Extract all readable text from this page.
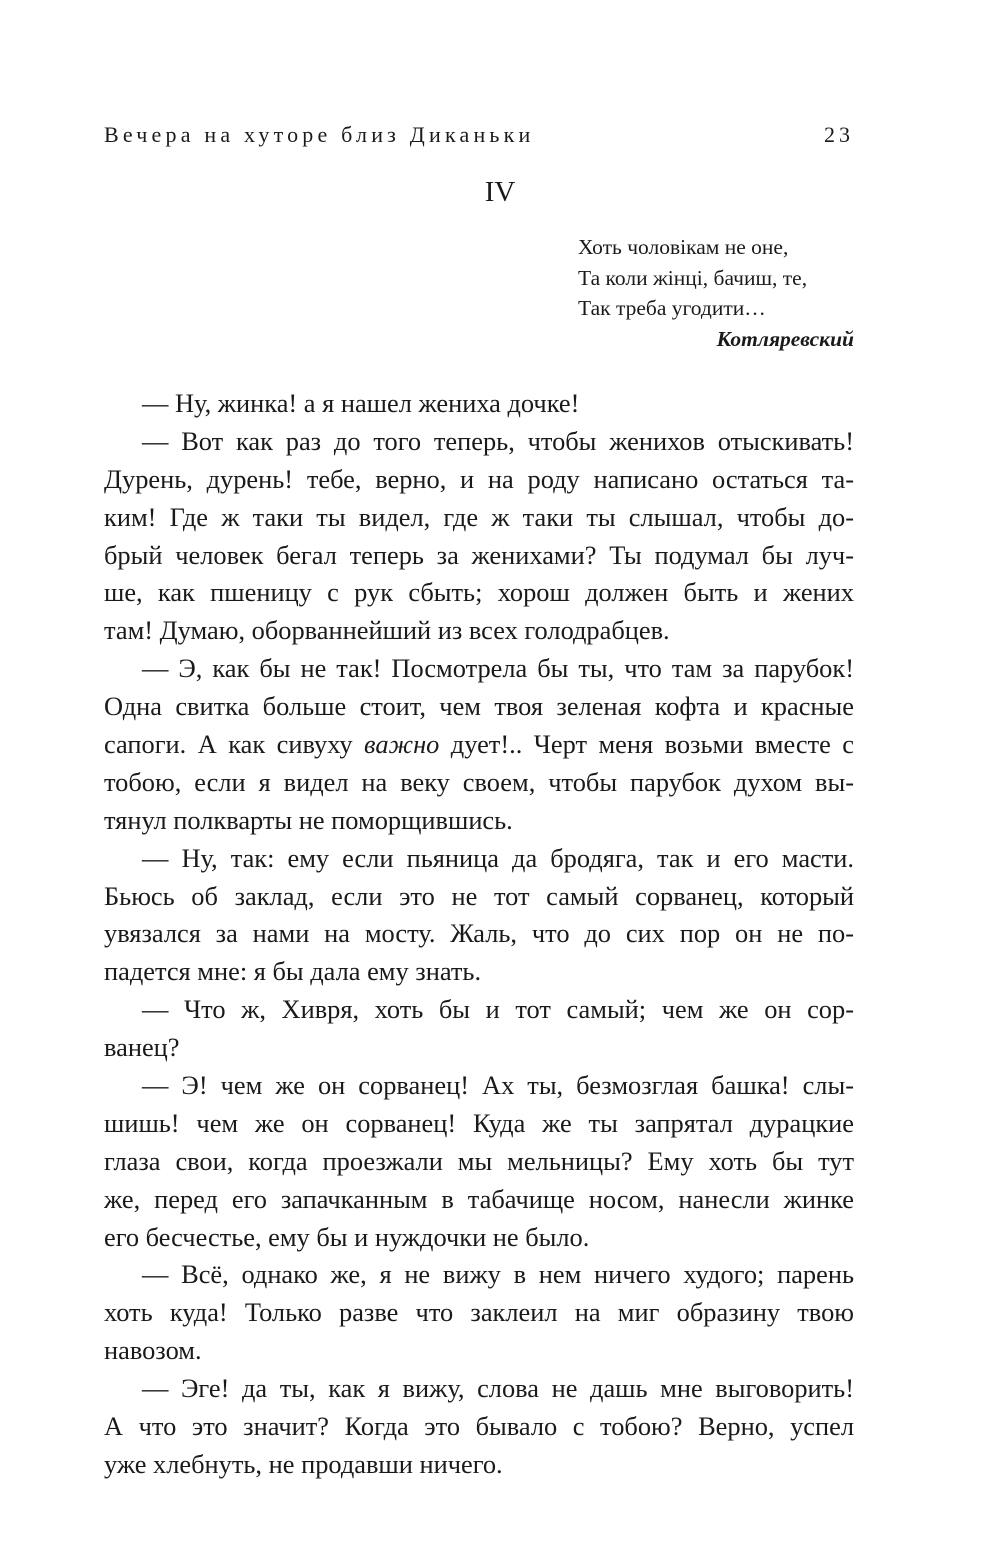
Вечера на хуторе близ Диканьки	23
IV
Хоть чоловікам не оне,
Та коли жінці, бачиш, те,
Так треба угодити…
Котляревский
— Ну, жинка! а я нашел жениха дочке!
— Вот как раз до того теперь, чтобы женихов отыскивать!
Дурень, дурень! тебе, верно, и на роду написано остаться та-
ким! Где ж таки ты видел, где ж таки ты слышал, чтобы до-
брый человек бегал теперь за женихами? Ты подумал бы луч-
ше, как пшеницу с рук сбыть; хорош должен быть и жених
там! Думаю, оборваннейший из всех голодрабцев.
— Э, как бы не так! Посмотрела бы ты, что там за парубок!
Одна свитка больше стоит, чем твоя зеленая кофта и красные
сапоги. А как сивуху важно дует!.. Черт меня возьми вместе с
тобою, если я видел на веку своем, чтобы парубок духом вы-
тянул полкварты не поморщившись.
— Ну, так: ему если пьяница да бродяга, так и его масти.
Бьюсь об заклад, если это не тот самый сорванец, который
увязался за нами на мосту. Жаль, что до сих пор он не по-
падется мне: я бы дала ему знать.
— Что ж, Хивря, хоть бы и тот самый; чем же он сор-
ванец?
— Э! чем же он сорванец! Ах ты, безмозглая башка! слы-
шишь! чем же он сорванец! Куда же ты запрятал дурацкие
глаза свои, когда проезжали мы мельницы? Ему хоть бы тут
же, перед его запачканным в табачище носом, нанесли жинке
его бесчестье, ему бы и нуждочки не было.
— Всё, однако же, я не вижу в нем ничего худого; парень
хоть куда! Только разве что заклеил на миг образину твою
навозом.
— Эге! да ты, как я вижу, слова не дашь мне выговорить!
А что это значит? Когда это бывало с тобою? Верно, успел
уже хлебнуть, не продавши ничего.
